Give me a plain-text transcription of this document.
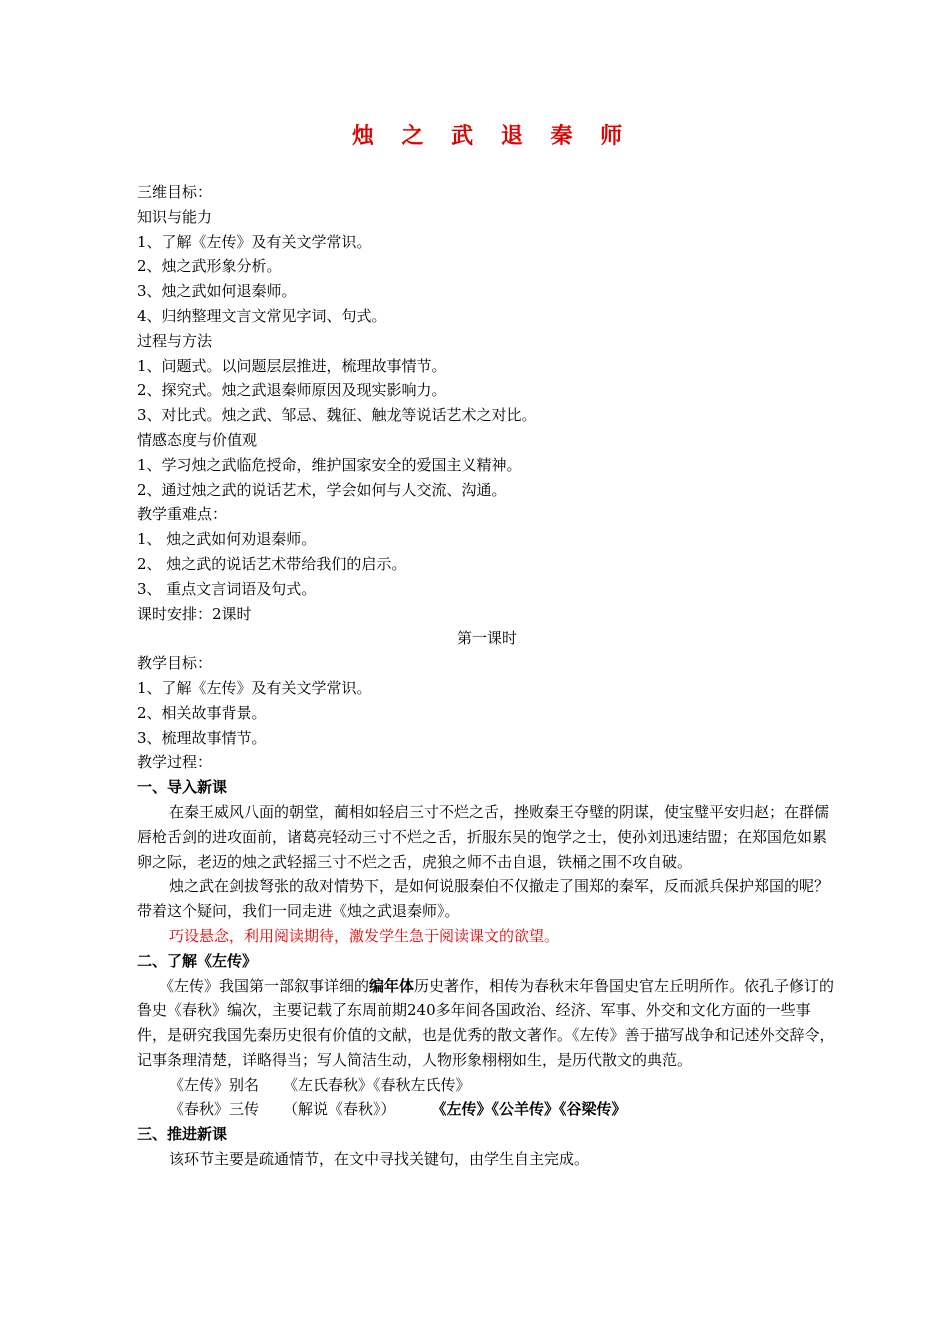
烛 之 武 退 秦 师
三维目标：
知识与能力
1、了解《左传》及有关文学常识。
2、烛之武形象分析。
3、烛之武如何退秦师。
4、归纳整理文言文常见字词、句式。
过程与方法
1、问题式。以问题层层推进，梳理故事情节。
2、探究式。烛之武退秦师原因及现实影响力。
3、对比式。烛之武、邹忌、魏征、触龙等说话艺术之对比。
情感态度与价值观
1、学习烛之武临危授命，维护国家安全的爱国主义精神。
2、通过烛之武的说话艺术，学会如何与人交流、沟通。
教学重难点：
1、 烛之武如何劝退秦师。
2、 烛之武的说话艺术带给我们的启示。
3、 重点文言词语及句式。
课时安排：2课时
第一课时
教学目标：
1、了解《左传》及有关文学常识。
2、相关故事背景。
3、梳理故事情节。
教学过程：
一、导入新课
在秦王威风八面的朝堂，蔺相如轻启三寸不烂之舌，挫败秦王夺璧的阴谋，使宝璧平安归赵；在群儒唇枪舌剑的进攻面前，诸葛亮轻动三寸不烂之舌，折服东吴的饱学之士，使孙刘迅速结盟；在郑国危如累卵之际，老迈的烛之武轻摇三寸不烂之舌，虎狼之师不击自退，铁桶之围不攻自破。
烛之武在剑拔弩张的敌对情势下，是如何说服秦伯不仅撤走了围郑的秦军，反而派兵保护郑国的呢？带着这个疑问，我们一同走进《烛之武退秦师》。
巧设悬念，利用阅读期待，激发学生急于阅读课文的欲望。
二、了解《左传》
《左传》我国第一部叙事详细的编年体历史著作，相传为春秋末年鲁国史官左丘明所作。依孔子修订的鲁史《春秋》编次，主要记载了东周前期240多年间各国政治、经济、军事、外交和文化方面的一些事件，是研究我国先秦历史很有价值的文献，也是优秀的散文著作。《左传》善于描写战争和记述外交辞令，记事条理清楚，详略得当；写人简洁生动，人物形象栩栩如生，是历代散文的典范。
《左传》别名 《左氏春秋》《春秋左氏传》
《春秋》三传 （解说《春秋》） 《左传》《公羊传》《谷梁传》
三、推进新课
该环节主要是疏通情节，在文中寻找关键句，由学生自主完成。
